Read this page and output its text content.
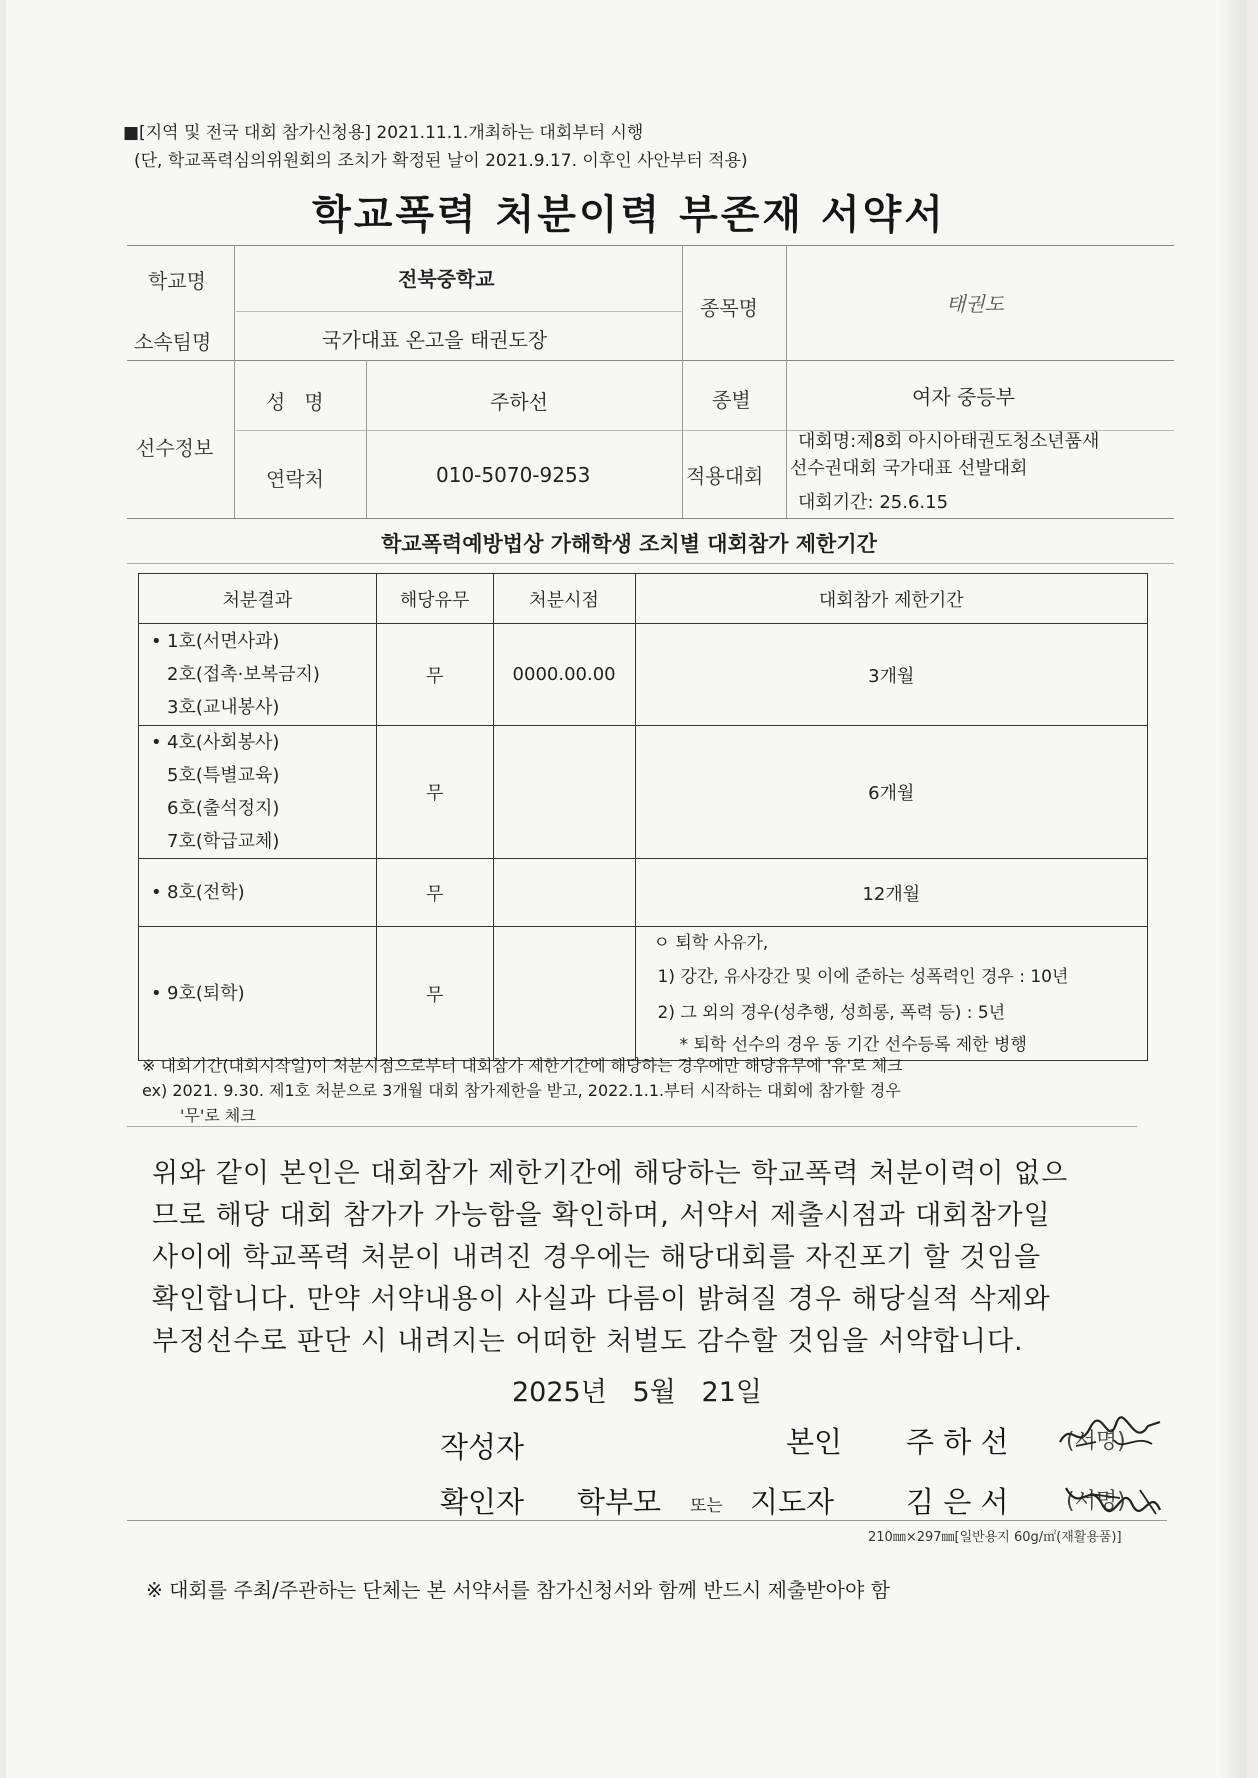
■[지역 및 전국 대회 참가신청용] 2021.11.1.개최하는 대회부터 시행
(단, 학교폭력심의위원회의 조치가 확정된 날이 2021.9.17. 이후인 사안부터 적용)
학교폭력 처분이력 부존재 서약서
학교명	전북중학교
소속팀명	국가대표 온고을 태권도장
종목명	태권도
선수정보
성   명	주하선	종별	여자 중등부
연락처	010-5070-9253	적용대회
대회명:제8회 아시아태권도청소년품새
선수권대회 국가대표 선발대회
대회기간: 25.6.15
학교폭력예방법상 가해학생 조치별 대회참가 제한기간
처분결과	해당유무	처분시점	대회참가 제한기간

• 1호(서면사과)
2호(접촉·보복금지)
3호(교내봉사)	무	0000.00.00	3개월

• 4호(사회봉사)
5호(특별교육)
6호(출석정지)
7호(학급교체)	무		6개월

• 8호(전학)	무		12개월

• 9호(퇴학)	무		ㅇ 퇴학 사유가,
1) 강간, 유사강간 및 이에 준하는 성폭력인 경우 : 10년
2) 그 외의 경우(성추행, 성희롱, 폭력 등) : 5년
* 퇴학 선수의 경우 동 기간 선수등록 제한 병행
※ 대회기간(대회시작일)이 처분시점으로부터 대회참가 제한기간에 해당하는 경우에만 해당유무에 '유'로 체크
ex) 2021. 9.30. 제1호 처분으로 3개월 대회 참가제한을 받고, 2022.1.1.부터 시작하는 대회에 참가할 경우
'무'로 체크
위와 같이 본인은 대회참가 제한기간에 해당하는 학교폭력 처분이력이 없으
므로 해당 대회 참가가 가능함을 확인하며, 서약서 제출시점과 대회참가일
사이에 학교폭력 처분이 내려진 경우에는 해당대회를 자진포기 할 것임을
확인합니다. 만약 서약내용이 사실과 다름이 밝혀질 경우 해당실적 삭제와
부정선수로 판단 시 내려지는 어떠한 처벌도 감수할 것임을 서약합니다.
2025년   5월   21일
작성자	본인 주 하 선	(서명)
확인자 학부모 또는 지도자 김 은 서	(서명)
210㎜×297㎜[일반용지 60g/㎡(재활용품)]
※ 대회를 주최/주관하는 단체는 본 서약서를 참가신청서와 함께 반드시 제출받아야 함
